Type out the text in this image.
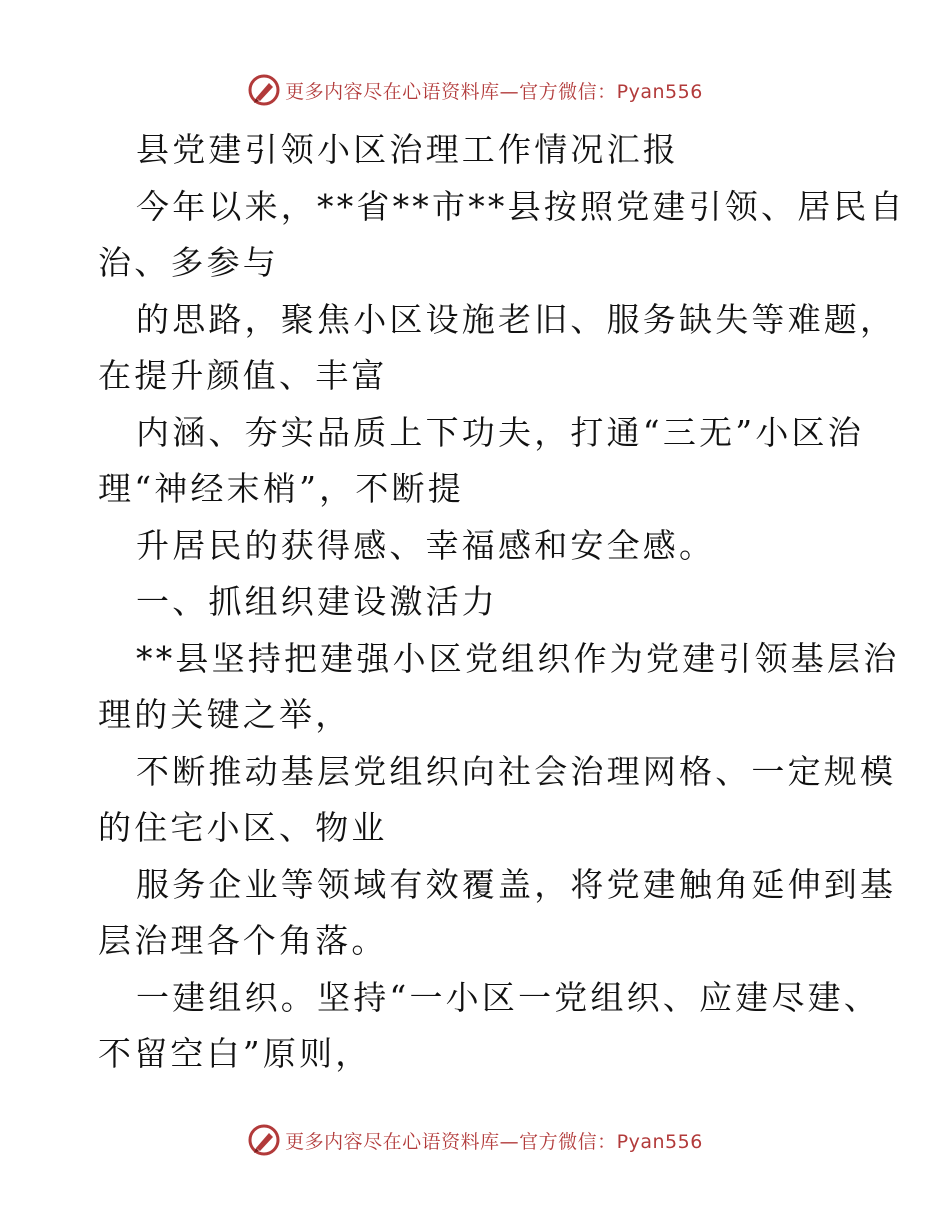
更多内容尽在心语资料库—官方微信：Pyan556
县党建引领小区治理工作情况汇报
今年以来，**省**市**县按照党建引领、居民自
治、多参与
的思路，聚焦小区设施老旧、服务缺失等难题，
在提升颜值、丰富
内涵、夯实品质上下功夫，打通“三无”小区治
理“神经末梢”，不断提
升居民的获得感、幸福感和安全感。
一、抓组织建设激活力
**县坚持把建强小区党组织作为党建引领基层治
理的关键之举，
不断推动基层党组织向社会治理网格、一定规模
的住宅小区、物业
服务企业等领域有效覆盖，将党建触角延伸到基
层治理各个角落。
一建组织。坚持“一小区一党组织、应建尽建、
不留空白”原则，
更多内容尽在心语资料库—官方微信：Pyan556
